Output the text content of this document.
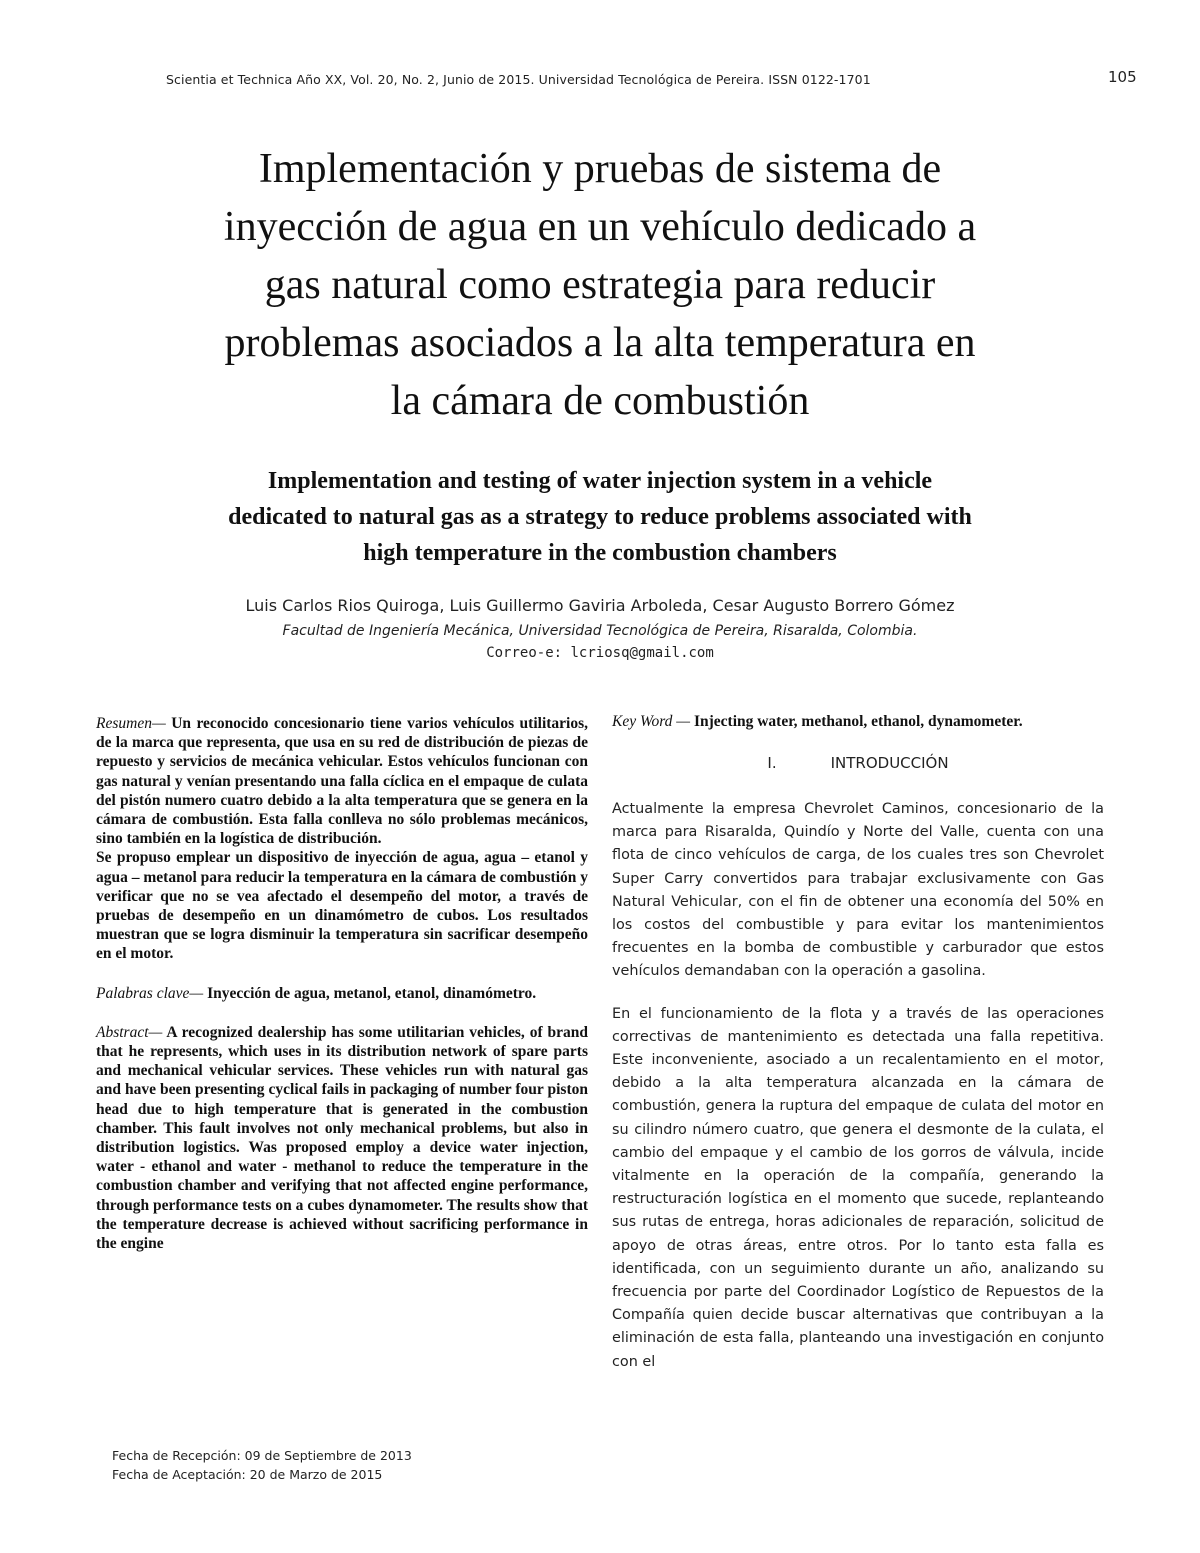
Scientia et Technica Año XX, Vol. 20, No. 2, Junio de 2015. Universidad Tecnológica de Pereira. ISSN 0122-1701	105
Implementación y pruebas de sistema de
inyección de agua en un vehículo dedicado a
gas natural como estrategia para reducir
problemas asociados a la alta temperatura en
la cámara de combustión
Implementation and testing of water injection system in a vehicle
dedicated to natural gas as a strategy to reduce problems associated with
high temperature in the combustion chambers
Luis Carlos Rios Quiroga, Luis Guillermo Gaviria Arboleda, Cesar Augusto Borrero Gómez
Facultad de Ingeniería Mecánica, Universidad Tecnológica de Pereira, Risaralda, Colombia.
Correo-e: lcriosq@gmail.com

Resumen— Un reconocido concesionario tiene varios vehículos utilitarios, de la marca que representa, que usa en su red de distribución de piezas de repuesto y servicios de mecánica vehicular. Estos vehículos funcionan con gas natural y venían presentando una falla cíclica en el empaque de culata del pistón numero cuatro debido a la alta temperatura que se genera en la cámara de combustión. Esta falla conlleva no sólo problemas mecánicos, sino también en la logística de distribución.

Se propuso emplear un dispositivo de inyección de agua, agua – etanol y agua – metanol para reducir la temperatura en la cámara de combustión y verificar que no se vea afectado el desempeño del motor, a través de pruebas de desempeño en un dinamómetro de cubos. Los resultados muestran que se logra disminuir la temperatura sin sacrificar desempeño en el motor.

Palabras clave— Inyección de agua, metanol, etanol, dinamómetro.

Abstract— A recognized dealership has some utilitarian vehicles, of brand that he represents, which uses in its distribution network of spare parts and mechanical vehicular services. These vehicles run with natural gas and have been presenting cyclical fails in packaging of number four piston head due to high temperature that is generated in the combustion chamber. This fault involves not only mechanical problems, but also in distribution logistics. Was proposed employ a device water injection, water - ethanol and water - methanol to reduce the temperature in the combustion chamber and verifying that not affected engine performance, through performance tests on a cubes dynamometer. The results show that the temperature decrease is achieved without sacrificing performance in the engine

Key Word — Injecting water, methanol, ethanol, dynamometer.

I.	INTRODUCCIÓN

Actualmente la empresa Chevrolet Caminos, concesionario de la marca para Risaralda, Quindío y Norte del Valle, cuenta con una flota de cinco vehículos de carga, de los cuales tres son Chevrolet Super Carry convertidos para trabajar exclusivamente con Gas Natural Vehicular, con el fin de obtener una economía del 50% en los costos del combustible y para evitar los mantenimientos frecuentes en la bomba de combustible y carburador que estos vehículos demandaban con la operación a gasolina.

En el funcionamiento de la flota y a través de las operaciones correctivas de mantenimiento es detectada una falla repetitiva. Este inconveniente, asociado a un recalentamiento en el motor, debido a la alta temperatura alcanzada en la cámara de combustión, genera la ruptura del empaque de culata del motor en su cilindro número cuatro, que genera el desmonte de la culata, el cambio del empaque y el cambio de los gorros de válvula, incide vitalmente en la operación de la compañía, generando la restructuración logística en el momento que sucede, replanteando sus rutas de entrega, horas adicionales de reparación, solicitud de apoyo de otras áreas, entre otros. Por lo tanto esta falla es identificada, con un seguimiento durante un año, analizando su frecuencia por parte del Coordinador Logístico de Repuestos de la Compañía quien decide buscar alternativas que contribuyan a la eliminación de esta falla, planteando una investigación en conjunto con el

Fecha de Recepción: 09 de Septiembre de 2013
Fecha de Aceptación: 20 de Marzo de 2015
